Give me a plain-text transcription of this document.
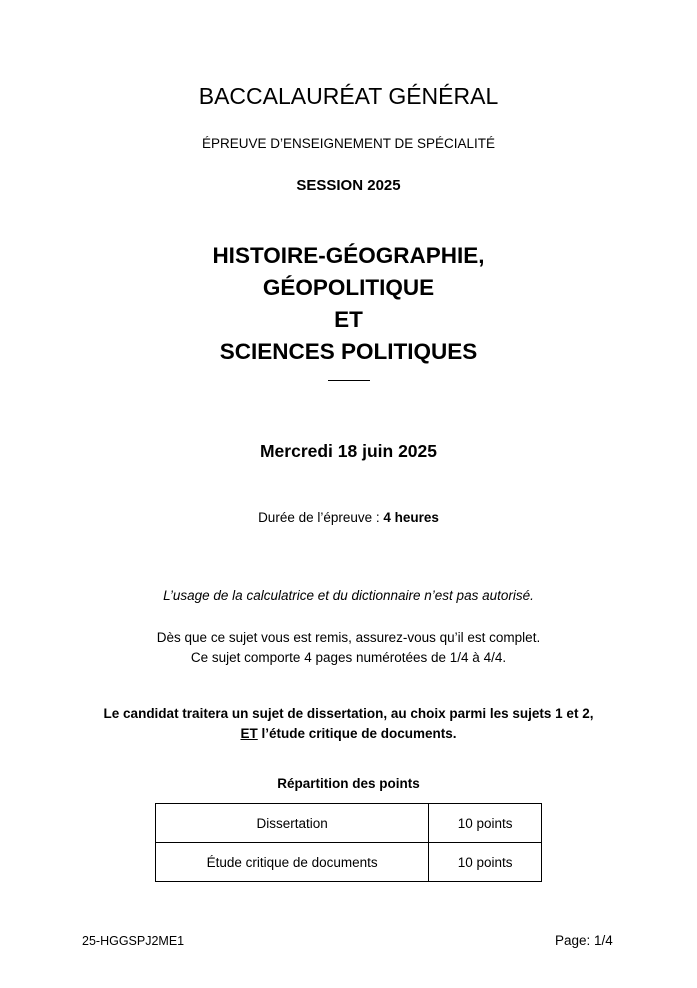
BACCALAURÉAT GÉNÉRAL
ÉPREUVE D’ENSEIGNEMENT DE SPÉCIALITÉ
SESSION 2025
HISTOIRE-GÉOGRAPHIE,
GÉOPOLITIQUE
ET
SCIENCES POLITIQUES
Mercredi 18 juin 2025
Durée de l’épreuve : 4 heures
L’usage de la calculatrice et du dictionnaire n’est pas autorisé.
Dès que ce sujet vous est remis, assurez-vous qu’il est complet.
Ce sujet comporte 4 pages numérotées de 1/4 à 4/4.
Le candidat traitera un sujet de dissertation, au choix parmi les sujets 1 et 2,
ET l’étude critique de documents.
Répartition des points
Dissertation	10 points
Étude critique de documents	10 points
25-HGGSPJ2ME1	Page: 1/4
